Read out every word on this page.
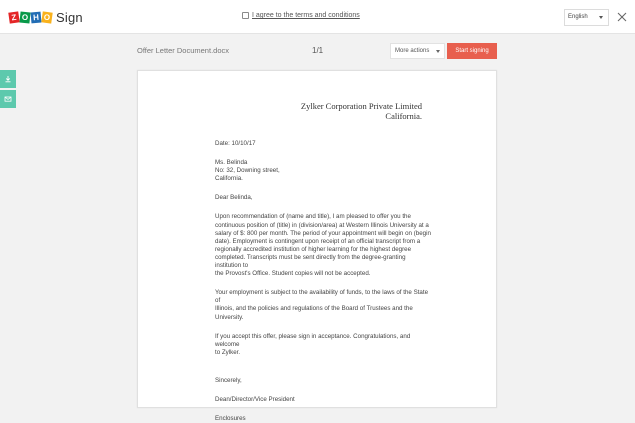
Z O H O Sign	I agree to the terms and conditions	English
Offer Letter Document.docx	1/1	More actions	Start signing

Zylker Corporation Private Limited

California.

Date: 10/10/17

Ms. Belinda

No: 32, Downing street,

California.

Dear Belinda,

Upon recommendation of (name and title), I am pleased to offer you the

continuous position of (title) in (division/area) at Western Illinois University at a

salary of $: 800 per month. The period of your appointment will begin on (begin

date). Employment is contingent upon receipt of an official transcript from a

regionally accredited institution of higher learning for the highest degree

completed. Transcripts must be sent directly from the degree-granting institution to

the Provost's Office. Student copies will not be accepted.

Your employment is subject to the availability of funds, to the laws of the State of

Illinois, and the policies and regulations of the Board of Trustees and the

University.

If you accept this offer, please sign in acceptance. Congratulations, and welcome

to Zylker.

Sincerely,

Dean/Director/Vice President

Enclosures
